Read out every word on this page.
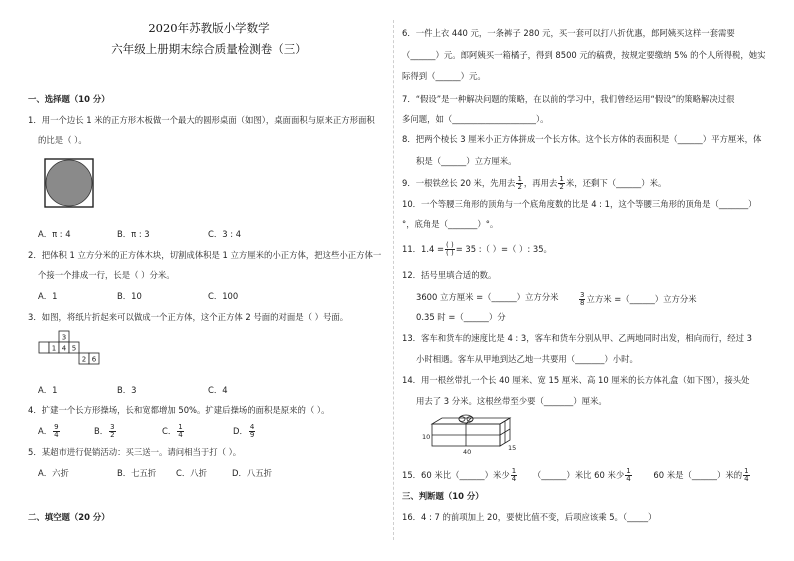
2020年苏教版小学数学
六年级上册期末综合质量检测卷（三）
一、选择题（10 分）
1．用一个边长 1 米的正方形木板做一个最大的圆形桌面（如图），桌面面积与原来正方形面积
的比是（ ）。
A．π : 4	B．π : 3	C．3 : 4
2．把体积 1 立方分米的正方体木块，切割成体积是 1 立方厘米的小正方体，把这些小正方体一
个接一个排成一行，长是（ ）分米。
A．1	B．10	C．100
3．如图，将纸片折起来可以做成一个正方体，这个正方体 2 号面的对面是（ ）号面。
3
1 4 5
2 6
A．1	B．3	C．4
4．扩建一个长方形操场，长和宽都增加 50%。扩建后操场的面积是原来的（ ）。
A． $\frac{9}{4}$	B． $\frac{3}{2}$	C． $\frac{1}{4}$	D． $\frac{4}{9}$
5．某超市进行促销活动：买三送一。请问相当于打（ ）。
A．六折	B．七五折 C．八折	D．八五折
二、填空题（20 分）
6．一件上衣 440 元，一条裤子 280 元，买一套可以打八折优惠，郎阿姨买这样一套需要
（______）元。郎阿姨买一箱橘子，得到 8500 元的稿费，按规定要缴纳 5% 的个人所得税，她实
际得到（______）元。
7．“假设”是一种解决问题的策略，在以前的学习中，我们曾经运用“假设”的策略解决过很
多问题，如（____________________）。
8．把两个棱长 3 厘米小正方体拼成一个长方体。这个长方体的表面积是（______）平方厘米，体
积是（______）立方厘米。
9．一根铁丝长 20 米，先用去 $\frac{1}{2}$ ，再用去 $\frac{1}{2}$ 米，还剩下（______）米。
10．一个等腰三角形的顶角与一个底角度数的比是 4 : 1，这个等腰三角形的顶角是（_______）
°，底角是（_______）°。
11．$1.4 = \frac{( )}{( )} = 35$ :（ ）=（ ）: 35。
12．括号里填合适的数。
3600 立方厘米 =（______）立方分米	$\frac{3}{8}$ 立方米 =（______）立方分米
0.35 时 =（______）分
13．客车和货车的速度比是 4 : 3，客车和货车分别从甲、乙两地同时出发，相向而行，经过 3
小时相遇。客车从甲地到达乙地一共要用（_______）小时。
14．用一根丝带扎一个长 40 厘米、宽 15 厘米、高 10 厘米的长方体礼盒（如下图），接头处
用去了 3 分米。这根丝带至少要（_______）厘米。
10
40	15
15．60 米比（______）米少 $\frac{1}{4}$ （______）米比 60 米少 $\frac{1}{4}$	60 米是（______）米的 $\frac{1}{4}$
三、判断题（10 分）
16．4 : 7 的前项加上 20，要使比值不变，后项应该乘 5。（_____）
